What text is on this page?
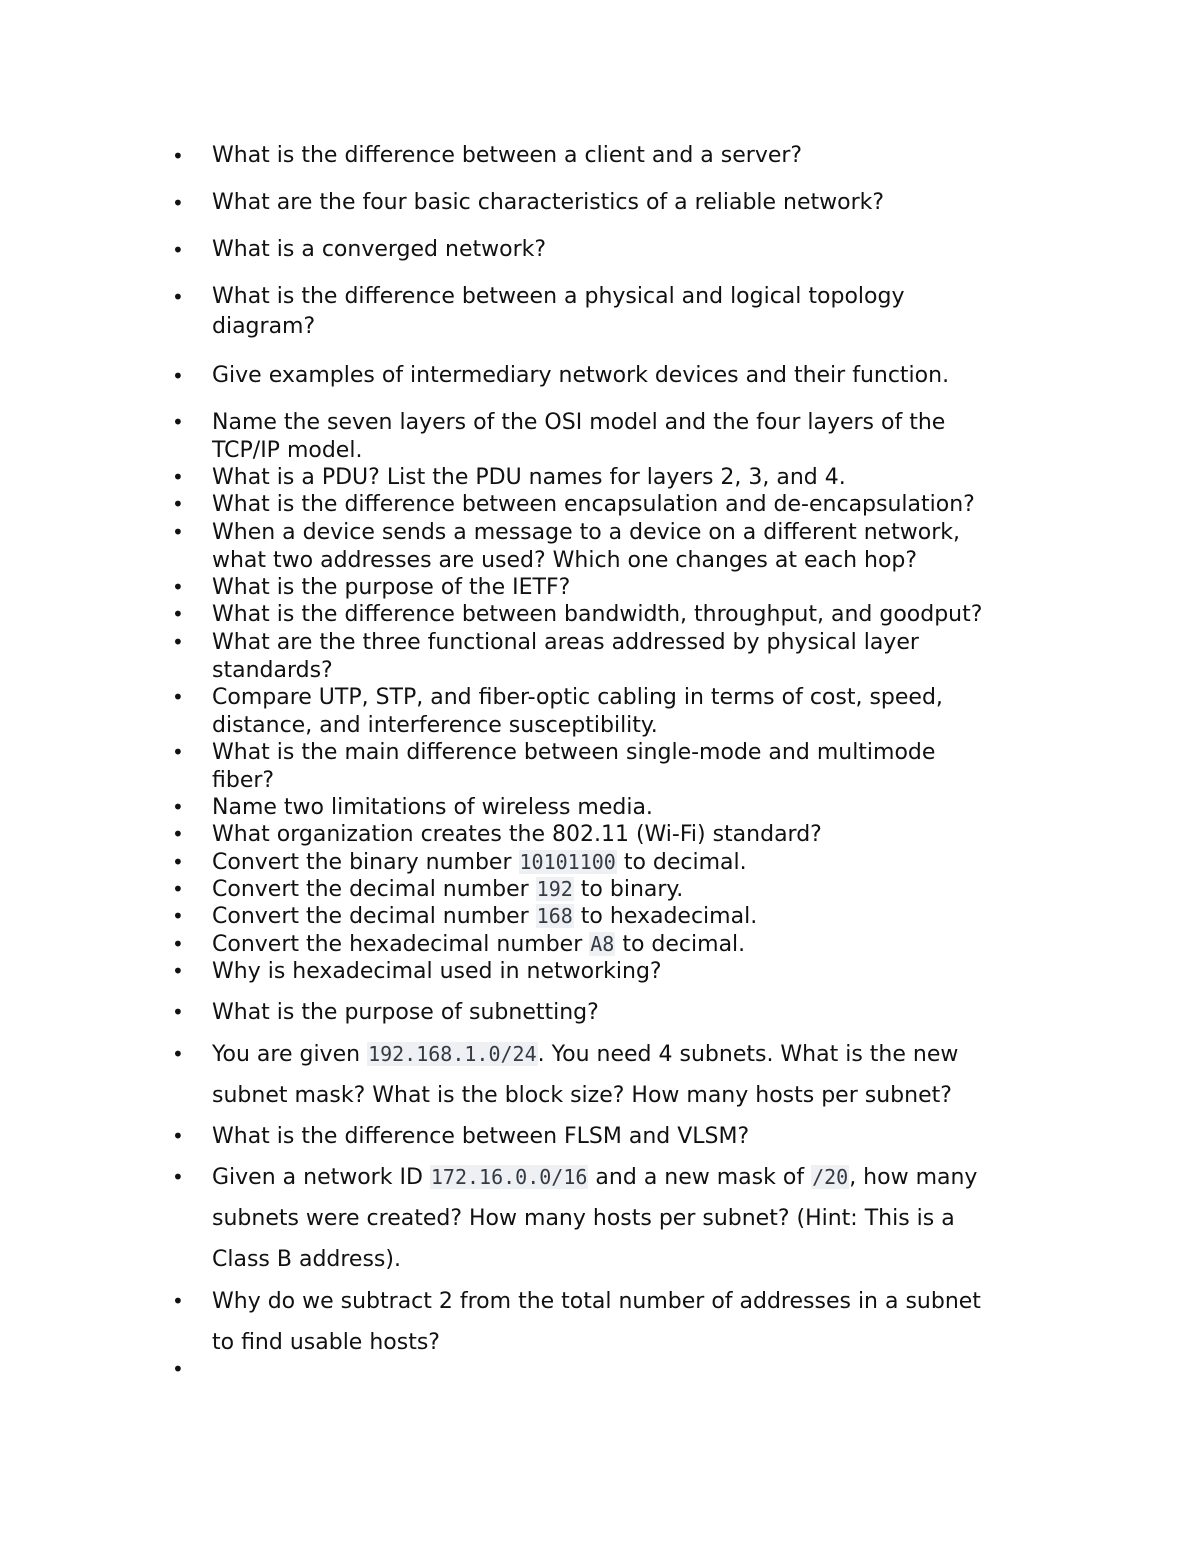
• What is the difference between a client and a server?
• What are the four basic characteristics of a reliable network?
• What is a converged network?
• What is the difference between a physical and logical topology
diagram?
• Give examples of intermediary network devices and their function.
• Name the seven layers of the OSI model and the four layers of the
TCP/IP model.
• What is a PDU? List the PDU names for layers 2, 3, and 4.
• What is the difference between encapsulation and de-encapsulation?
• When a device sends a message to a device on a different network,
what two addresses are used? Which one changes at each hop?
• What is the purpose of the IETF?
• What is the difference between bandwidth, throughput, and goodput?
• What are the three functional areas addressed by physical layer
standards?
• Compare UTP, STP, and fiber-optic cabling in terms of cost, speed,
distance, and interference susceptibility.
• What is the main difference between single-mode and multimode
fiber?
• Name two limitations of wireless media.
• What organization creates the 802.11 (Wi-Fi) standard?
• Convert the binary number 10101100 to decimal.
• Convert the decimal number 192 to binary.
• Convert the decimal number 168 to hexadecimal.
• Convert the hexadecimal number A8 to decimal.
• Why is hexadecimal used in networking?
• What is the purpose of subnetting?
• You are given 192.168.1.0/24. You need 4 subnets. What is the new
subnet mask? What is the block size? How many hosts per subnet?
• What is the difference between FLSM and VLSM?
• Given a network ID 172.16.0.0/16 and a new mask of /20, how many
subnets were created? How many hosts per subnet? (Hint: This is a
Class B address).
• Why do we subtract 2 from the total number of addresses in a subnet
to find usable hosts?
•
